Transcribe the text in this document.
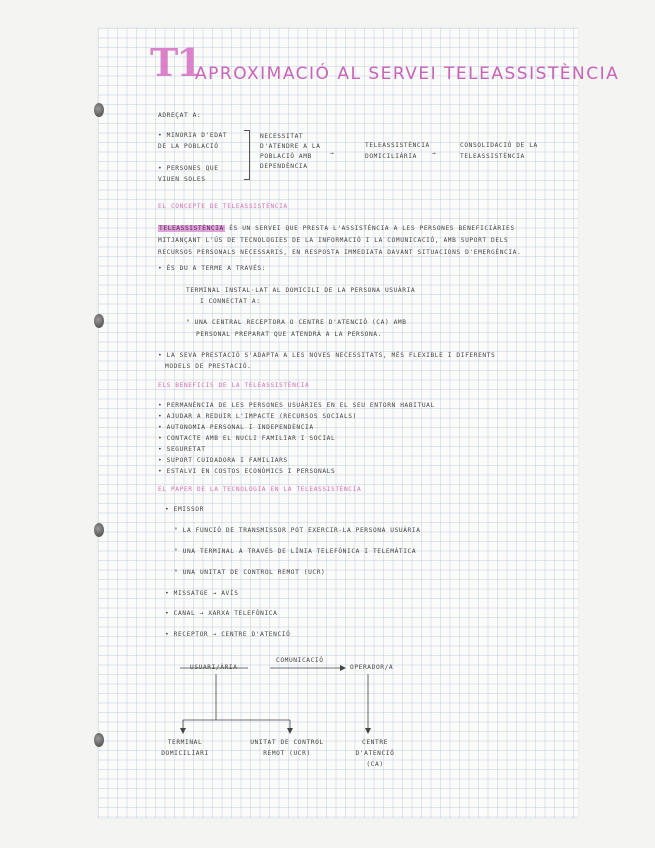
T1
APROXIMACIÓ AL SERVEI TELEASSISTÈNCIA
ADREÇAT A:
• MINORIA D'EDAT DE LA POBLACIÓ
• PERSONES QUE VIUEN SOLES
NECESSITAT D'ATENDRE A LA POBLACIÓ AMB DEPENDÈNCIA
→
TELEASSISTÈNCIA DOMICILIÀRIA	→
CONSOLIDACIÓ DE LA TELEASSISTÈNCIA
EL CONCEPTE DE TELEASSISTÈNCIA
TELEASSISTÈNCIA ÉS UN SERVEI QUE PRESTA L'ASSISTÈNCIA A LES PERSONES BENEFICIÀRIES MITJANÇANT L'ÚS DE TECNOLOGIES DE LA INFORMACIÓ I LA COMUNICACIÓ, AMB SUPORT DELS RECURSOS PERSONALS NECESSARIS, EN RESPOSTA IMMEDIATA DAVANT SITUACIONS D'EMERGÈNCIA.
• ÉS DU A TERME A TRAVÉS:
TERMINAL INSTAL·LAT AL DOMICILI DE LA PERSONA USUÀRIA
I CONNECTAT A:
° UNA CENTRAL RECEPTORA O CENTRE D'ATENCIÓ (CA) AMB
PERSONAL PREPARAT QUE ATENDRÀ A LA PERSONA.
• LA SEVA PRESTACIÓ S'ADAPTA A LES NOVES NECESSITATS, MÉS FLEXIBLE I DIFERENTS
MODELS DE PRESTACIÓ.
ELS BENEFICIS DE LA TELEASSISTÈNCIA
• PERMANÈNCIA DE LES PERSONES USUÀRIES EN EL SEU ENTORN HABITUAL
• AJUDAR A REDUIR L'IMPACTE (RECURSOS SOCIALS)
• AUTONOMIA PERSONAL I INDEPENDÈNCIA
• CONTACTE AMB EL NUCLI FAMILIAR I SOCIAL
• SEGURETAT
• SUPORT CUIDADORA I FAMILIARS
• ESTALVI EN COSTOS ECONÒMICS I PERSONALS
EL PAPER DE LA TECNOLOGIA EN LA TELEASSISTÈNCIA
• EMISSOR
° LA FUNCIÓ DE TRANSMISSOR POT EXERCIR-LA PERSONA USUÀRIA
° UNA TERMINAL A TRAVÉS DE LÍNIA TELEFÒNICA I TELEMÀTICA
° UNA UNITAT DE CONTROL REMOT (UCR)
• MISSATGE → AVÍS
• CANAL → XARXA TELEFÒNICA
• RECEPTOR → CENTRE D'ATENCIÓ
USUARI/ÀRIA
COMUNICACIÓ
OPERADOR/A
TERMINAL DOMICILIARI
UNITAT DE CONTROL REMOT (UCR)
CENTRE D'ATENCIÓ (CA)
